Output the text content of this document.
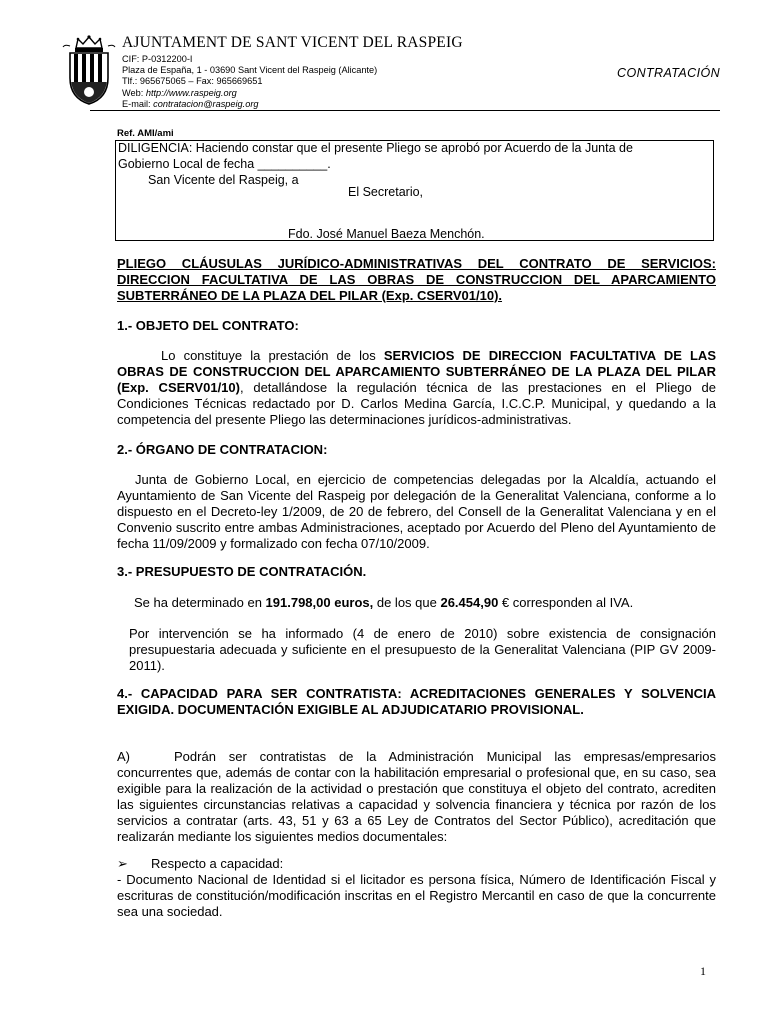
AJUNTAMENT DE SANT VICENT DEL RASPEIG
CIF: P-0312200-I
Plaza de España, 1 - 03690 Sant Vicent del Raspeig (Alicante)
Tlf.: 965675065 – Fax: 965669651
Web: http://www.raspeig.org
E-mail: contratacion@raspeig.org
CONTRATACIÓN
Ref. AMI/ami
DILIGENCIA: Haciendo constar que el presente Pliego se aprobó por Acuerdo de la Junta de Gobierno Local de fecha __________.
San Vicente del Raspeig, a
El Secretario,
Fdo. José Manuel Baeza Menchón.
PLIEGO CLÁUSULAS JURÍDICO-ADMINISTRATIVAS DEL CONTRATO DE SERVICIOS: DIRECCION FACULTATIVA DE LAS OBRAS DE CONSTRUCCION DEL APARCAMIENTO SUBTERRÁNEO DE LA PLAZA DEL PILAR (Exp. CSERV01/10).
1.- OBJETO DEL CONTRATO:
Lo constituye la prestación de los SERVICIOS DE DIRECCION FACULTATIVA DE LAS OBRAS DE CONSTRUCCION DEL APARCAMIENTO SUBTERRÁNEO DE LA PLAZA DEL PILAR (Exp. CSERV01/10), detallándose la regulación técnica de las prestaciones en el Pliego de Condiciones Técnicas redactado por D. Carlos Medina García, I.C.C.P. Municipal, y quedando a la competencia del presente Pliego las determinaciones jurídicos-administrativas.
2.- ÓRGANO DE CONTRATACION:
Junta de Gobierno Local, en ejercicio de competencias delegadas por la Alcaldía, actuando el Ayuntamiento de San Vicente del Raspeig por delegación de la Generalitat Valenciana, conforme a lo dispuesto en el Decreto-ley 1/2009, de 20 de febrero, del Consell de la Generalitat Valenciana y en el Convenio suscrito entre ambas Administraciones, aceptado por Acuerdo del Pleno del Ayuntamiento de fecha 11/09/2009 y formalizado con fecha 07/10/2009.
3.- PRESUPUESTO DE CONTRATACIÓN.
Se ha determinado en 191.798,00 euros, de los que 26.454,90 € corresponden al IVA.
Por intervención se ha informado (4 de enero de 2010) sobre existencia de consignación presupuestaria adecuada y suficiente en el presupuesto de la Generalitat Valenciana (PIP GV 2009-2011).
4.- CAPACIDAD PARA SER CONTRATISTA: ACREDITACIONES GENERALES Y SOLVENCIA EXIGIDA. DOCUMENTACIÓN EXIGIBLE AL ADJUDICATARIO PROVISIONAL.
A)	Podrán ser contratistas de la Administración Municipal las empresas/empresarios concurrentes que, además de contar con la habilitación empresarial o profesional que, en su caso, sea exigible para la realización de la actividad o prestación que constituya el objeto del contrato, acrediten las siguientes circunstancias relativas a capacidad y solvencia financiera y técnica por razón de los servicios a contratar (arts. 43, 51 y 63 a 65 Ley de Contratos del Sector Público), acreditación que realizarán mediante los siguientes medios documentales:
➢ Respecto a capacidad:
- Documento Nacional de Identidad si el licitador es persona física, Número de Identificación Fiscal y escrituras de constitución/modificación inscritas en el Registro Mercantil en caso de que la concurrente sea una sociedad.
1
